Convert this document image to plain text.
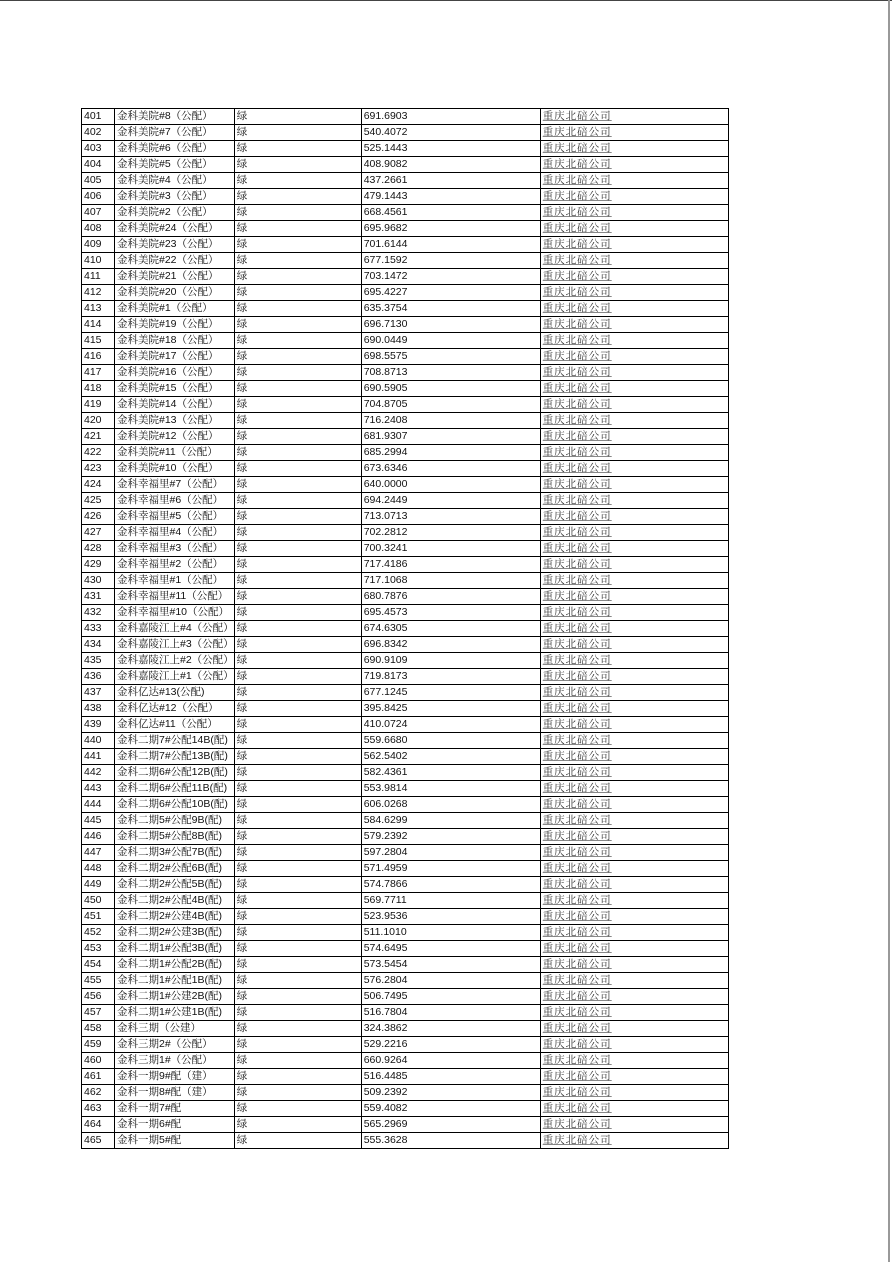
401	金科美院#8（公配）	绿	691.6903	重庆北碚公司
402	金科美院#7（公配）	绿	540.4072	重庆北碚公司
403	金科美院#6（公配）	绿	525.1443	重庆北碚公司
404	金科美院#5（公配）	绿	408.9082	重庆北碚公司
405	金科美院#4（公配）	绿	437.2661	重庆北碚公司
406	金科美院#3（公配）	绿	479.1443	重庆北碚公司
407	金科美院#2（公配）	绿	668.4561	重庆北碚公司
408	金科美院#24（公配）	绿	695.9682	重庆北碚公司
409	金科美院#23（公配）	绿	701.6144	重庆北碚公司
410	金科美院#22（公配）	绿	677.1592	重庆北碚公司
411	金科美院#21（公配）	绿	703.1472	重庆北碚公司
412	金科美院#20（公配）	绿	695.4227	重庆北碚公司
413	金科美院#1（公配）	绿	635.3754	重庆北碚公司
414	金科美院#19（公配）	绿	696.7130	重庆北碚公司
415	金科美院#18（公配）	绿	690.0449	重庆北碚公司
416	金科美院#17（公配）	绿	698.5575	重庆北碚公司
417	金科美院#16（公配）	绿	708.8713	重庆北碚公司
418	金科美院#15（公配）	绿	690.5905	重庆北碚公司
419	金科美院#14（公配）	绿	704.8705	重庆北碚公司
420	金科美院#13（公配）	绿	716.2408	重庆北碚公司
421	金科美院#12（公配）	绿	681.9307	重庆北碚公司
422	金科美院#11（公配）	绿	685.2994	重庆北碚公司
423	金科美院#10（公配）	绿	673.6346	重庆北碚公司
424	金科幸福里#7（公配）	绿	640.0000	重庆北碚公司
425	金科幸福里#6（公配）	绿	694.2449	重庆北碚公司
426	金科幸福里#5（公配）	绿	713.0713	重庆北碚公司
427	金科幸福里#4（公配）	绿	702.2812	重庆北碚公司
428	金科幸福里#3（公配）	绿	700.3241	重庆北碚公司
429	金科幸福里#2（公配）	绿	717.4186	重庆北碚公司
430	金科幸福里#1（公配）	绿	717.1068	重庆北碚公司
431	金科幸福里#11（公配）	绿	680.7876	重庆北碚公司
432	金科幸福里#10（公配）	绿	695.4573	重庆北碚公司
433	金科嘉陵江上#4（公配）	绿	674.6305	重庆北碚公司
434	金科嘉陵江上#3（公配）	绿	696.8342	重庆北碚公司
435	金科嘉陵江上#2（公配）	绿	690.9109	重庆北碚公司
436	金科嘉陵江上#1（公配）	绿	719.8173	重庆北碚公司
437	金科亿达#13(公配)	绿	677.1245	重庆北碚公司
438	金科亿达#12（公配）	绿	395.8425	重庆北碚公司
439	金科亿达#11（公配）	绿	410.0724	重庆北碚公司
440	金科二期7#公配14B(配)	绿	559.6680	重庆北碚公司
441	金科二期7#公配13B(配)	绿	562.5402	重庆北碚公司
442	金科二期6#公配12B(配)	绿	582.4361	重庆北碚公司
443	金科二期6#公配11B(配)	绿	553.9814	重庆北碚公司
444	金科二期6#公配10B(配)	绿	606.0268	重庆北碚公司
445	金科二期5#公配9B(配)	绿	584.6299	重庆北碚公司
446	金科二期5#公配8B(配)	绿	579.2392	重庆北碚公司
447	金科二期3#公配7B(配)	绿	597.2804	重庆北碚公司
448	金科二期2#公配6B(配)	绿	571.4959	重庆北碚公司
449	金科二期2#公配5B(配)	绿	574.7866	重庆北碚公司
450	金科二期2#公配4B(配)	绿	569.7711	重庆北碚公司
451	金科二期2#公建4B(配)	绿	523.9536	重庆北碚公司
452	金科二期2#公建3B(配)	绿	511.1010	重庆北碚公司
453	金科二期1#公配3B(配)	绿	574.6495	重庆北碚公司
454	金科二期1#公配2B(配)	绿	573.5454	重庆北碚公司
455	金科二期1#公配1B(配)	绿	576.2804	重庆北碚公司
456	金科二期1#公建2B(配)	绿	506.7495	重庆北碚公司
457	金科二期1#公建1B(配)	绿	516.7804	重庆北碚公司
458	金科三期（公建）	绿	324.3862	重庆北碚公司
459	金科三期2#（公配）	绿	529.2216	重庆北碚公司
460	金科三期1#（公配）	绿	660.9264	重庆北碚公司
461	金科一期9#配（建）	绿	516.4485	重庆北碚公司
462	金科一期8#配（建）	绿	509.2392	重庆北碚公司
463	金科一期7#配	绿	559.4082	重庆北碚公司
464	金科一期6#配	绿	565.2969	重庆北碚公司
465	金科一期5#配	绿	555.3628	重庆北碚公司
